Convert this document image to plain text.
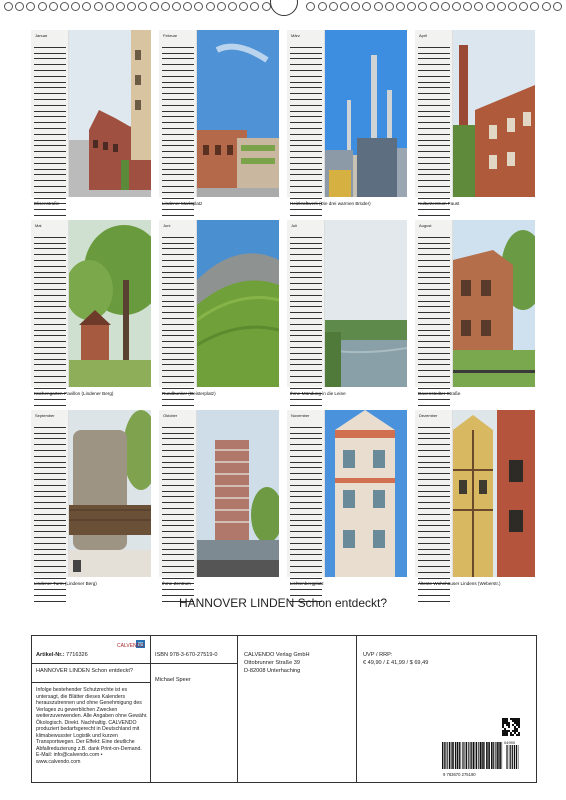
Januar
Elisenstraße
Februar
Lindener Marktplatz
März
Heizkraftwerk (Die drei warmen Brüder)
April
Kulturzentrum Faust
Mai
Küchengarten-Pavillon (Lindener Berg)
Juni
Rundbunker (Deisterplatz)
Juli
Ihme-Mündung in die Leine
August
Davenstedter Straße
September
Lindener Turm (Lindener Berg)
Oktober
Ihme-Zentrum
November
Lichtenbergplatz
Dezember
Älteste Wohnhäuser Lindens (Weberstr.)
HANNOVER LINDEN Schon entdeckt?
Artikel-Nr.: 7716326
CALVENDO
HANNOVER LINDEN Schon entdeckt?
Infolge bestehender Schutzrechte ist es untersagt, die Blätter dieses Kalenders herauszutrennen und ohne Genehmigung des Verlages zu gewerblichen Zwecken weiterzuverwenden. Alle Angaben ohne Gewähr. Ökologisch. Direkt. Nachhaltig. CALVENDO produziert bedarfsgerecht in Deutschland mit klimabewusster Logistik und kurzen Transportwegen. Der Effekt: Eine deutliche Abfallreduzierung z.B. dank Print-on-Demand. E-Mail: info@calvendo.com • www.calvendo.com
ISBN 978-3-670-27519-0
Michael Speer
CALVENDO Verlag GmbH
Ottobrunner Straße 39
D-82008 Unterhaching
UVP / RRP:
€ 49,90 / £ 41,99 / $ 69,49
9 783670 275190
04990
